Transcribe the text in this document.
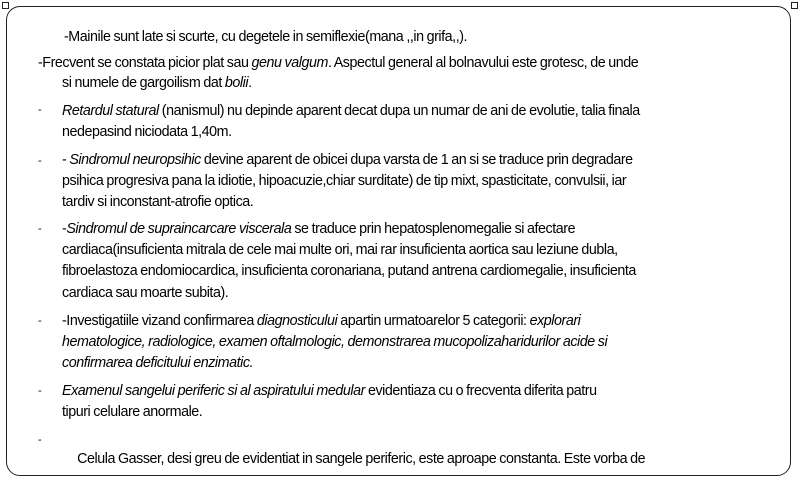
-Mainile sunt late si scurte, cu degetele in semiflexie(mana ,,in grifa,,).

-Frecvent se constata picior plat sau genu valgum. Aspectul general al bolnavului este grotesc, de unde

si numele de gargoilism dat bolii.

-	Retardul statural (nanismul) nu depinde aparent decat dupa un numar de ani de evolutie, talia finala

nedepasind niciodata 1,40m.

-	- Sindromul neuropsihic devine aparent de obicei dupa varsta de 1 an si se traduce prin degradare

psihica progresiva pana la idiotie, hipoacuzie,chiar surditate) de tip mixt, spasticitate, convulsii, iar

tardiv si inconstant-atrofie optica.

-	-Sindromul de supraincarcare viscerala se traduce prin hepatosplenomegalie si afectare

cardiaca(insuficienta mitrala de cele mai multe ori, mai rar insuficienta aortica sau leziune dubla,

fibroelastoza endomiocardica, insuficienta coronariana, putand antrena cardiomegalie, insuficienta

cardiaca sau moarte subita).

-	-Investigatiile vizand confirmarea diagnosticului apartin urmatoarelor 5 categorii: explorari

hematologice, radiologice, examen oftalmologic, demonstrarea mucopolizaharidurilor acide si

confirmarea deficitului enzimatic.

-	Examenul sangelui periferic si al aspiratului medular evidentiaza cu o frecventa diferita patru

tipuri celulare anormale.

-

Celula Gasser, desi greu de evidentiat in sangele periferic, este aproape constanta. Este vorba de
